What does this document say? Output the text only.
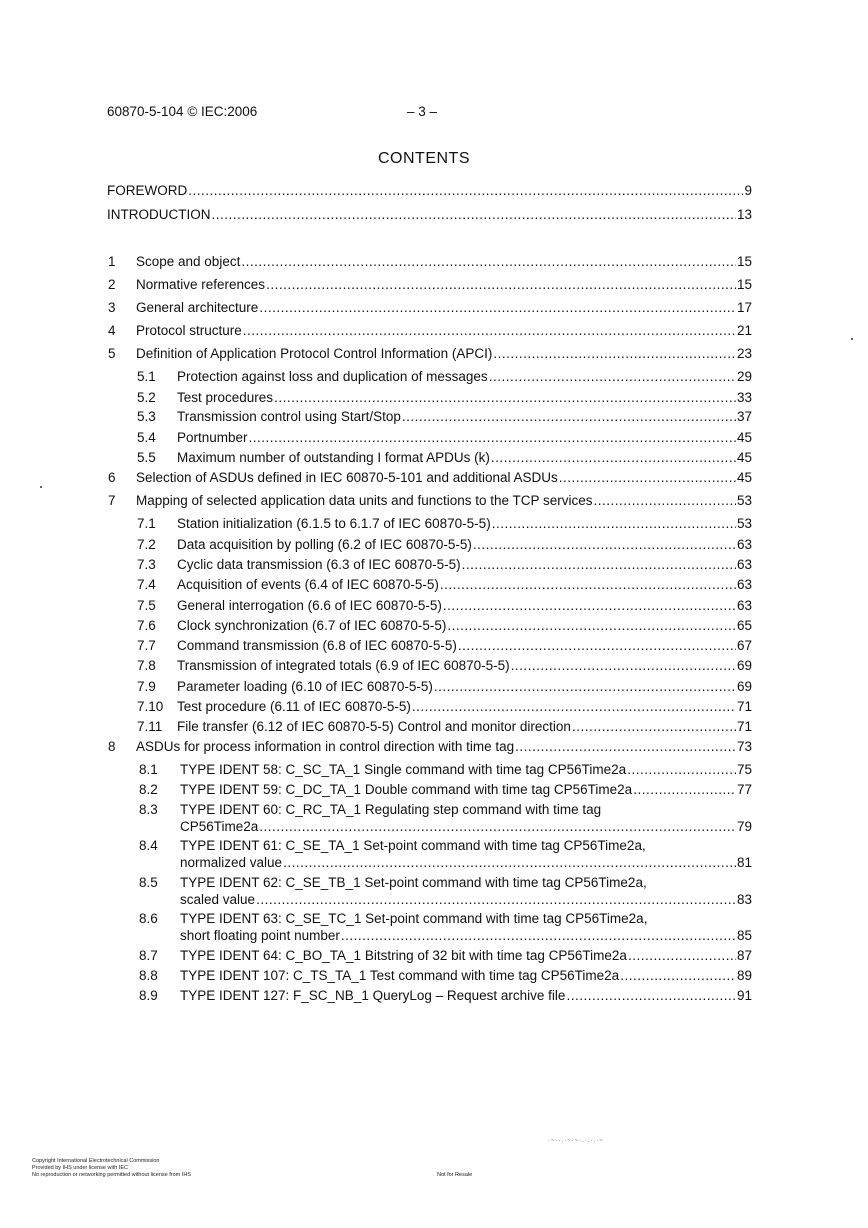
60870-5-104 © IEC:2006	– 3 –
CONTENTS
FOREWORD .....	9
INTRODUCTION .....	13
1 Scope and object .....	15
2 Normative references .....	15
3 General architecture .....	17
4 Protocol structure .....	21
5 Definition of Application Protocol Control Information (APCI) .....	23
5.1 Protection against loss and duplication of messages .....	29
5.2 Test procedures .....	33
5.3 Transmission control using Start/Stop .....	37
5.4 Portnumber .....	45
5.5 Maximum number of outstanding I format APDUs (k) .....	45
6 Selection of ASDUs defined in IEC 60870-5-101 and additional ASDUs .....	45
7 Mapping of selected application data units and functions to the TCP services .....	53
7.1 Station initialization (6.1.5 to 6.1.7 of IEC 60870-5-5) .....	53
7.2 Data acquisition by polling (6.2 of IEC 60870-5-5) .....	63
7.3 Cyclic data transmission (6.3 of IEC 60870-5-5) .....	63
7.4 Acquisition of events (6.4 of IEC 60870-5-5) .....	63
7.5 General interrogation (6.6 of IEC 60870-5-5) .....	63
7.6 Clock synchronization (6.7 of IEC 60870-5-5) .....	65
7.7 Command transmission (6.8 of IEC 60870-5-5) .....	67
7.8 Transmission of integrated totals (6.9 of IEC 60870-5-5) .....	69
7.9 Parameter loading (6.10 of IEC 60870-5-5) .....	69
7.10 Test procedure (6.11 of IEC 60870-5-5) .....	71
7.11 File transfer (6.12 of IEC 60870-5-5) Control and monitor direction .....	71
8 ASDUs for process information in control direction with time tag .....	73
8.1 TYPE IDENT 58: C_SC_TA_1 Single command with time tag CP56Time2a .....	75
8.2 TYPE IDENT 59: C_DC_TA_1 Double command with time tag CP56Time2a .....	77
8.3 TYPE IDENT 60: C_RC_TA_1 Regulating step command with time tag
CP56Time2a .....	79
8.4 TYPE IDENT 61: C_SE_TA_1 Set-point command with time tag CP56Time2a,
normalized value .....	81
8.5 TYPE IDENT 62: C_SE_TB_1 Set-point command with time tag CP56Time2a,
scaled value .....	83
8.6 TYPE IDENT 63: C_SE_TC_1 Set-point command with time tag CP56Time2a,
short floating point number .....	85
8.7 TYPE IDENT 64: C_BO_TA_1 Bitstring of 32 bit with time tag CP56Time2a .....	87
8.8 TYPE IDENT 107: C_TS_TA_1 Test command with time tag CP56Time2a .....	89
8.9 TYPE IDENT 127: F_SC_NB_1 QueryLog – Request archive file .....	91
·~··.·~·~·.·.·.·~
Copyright International Electrotechnical Commission
Provided by IHS under license with IEC
No reproduction or networking permitted without license from IHS	Not for Resale
